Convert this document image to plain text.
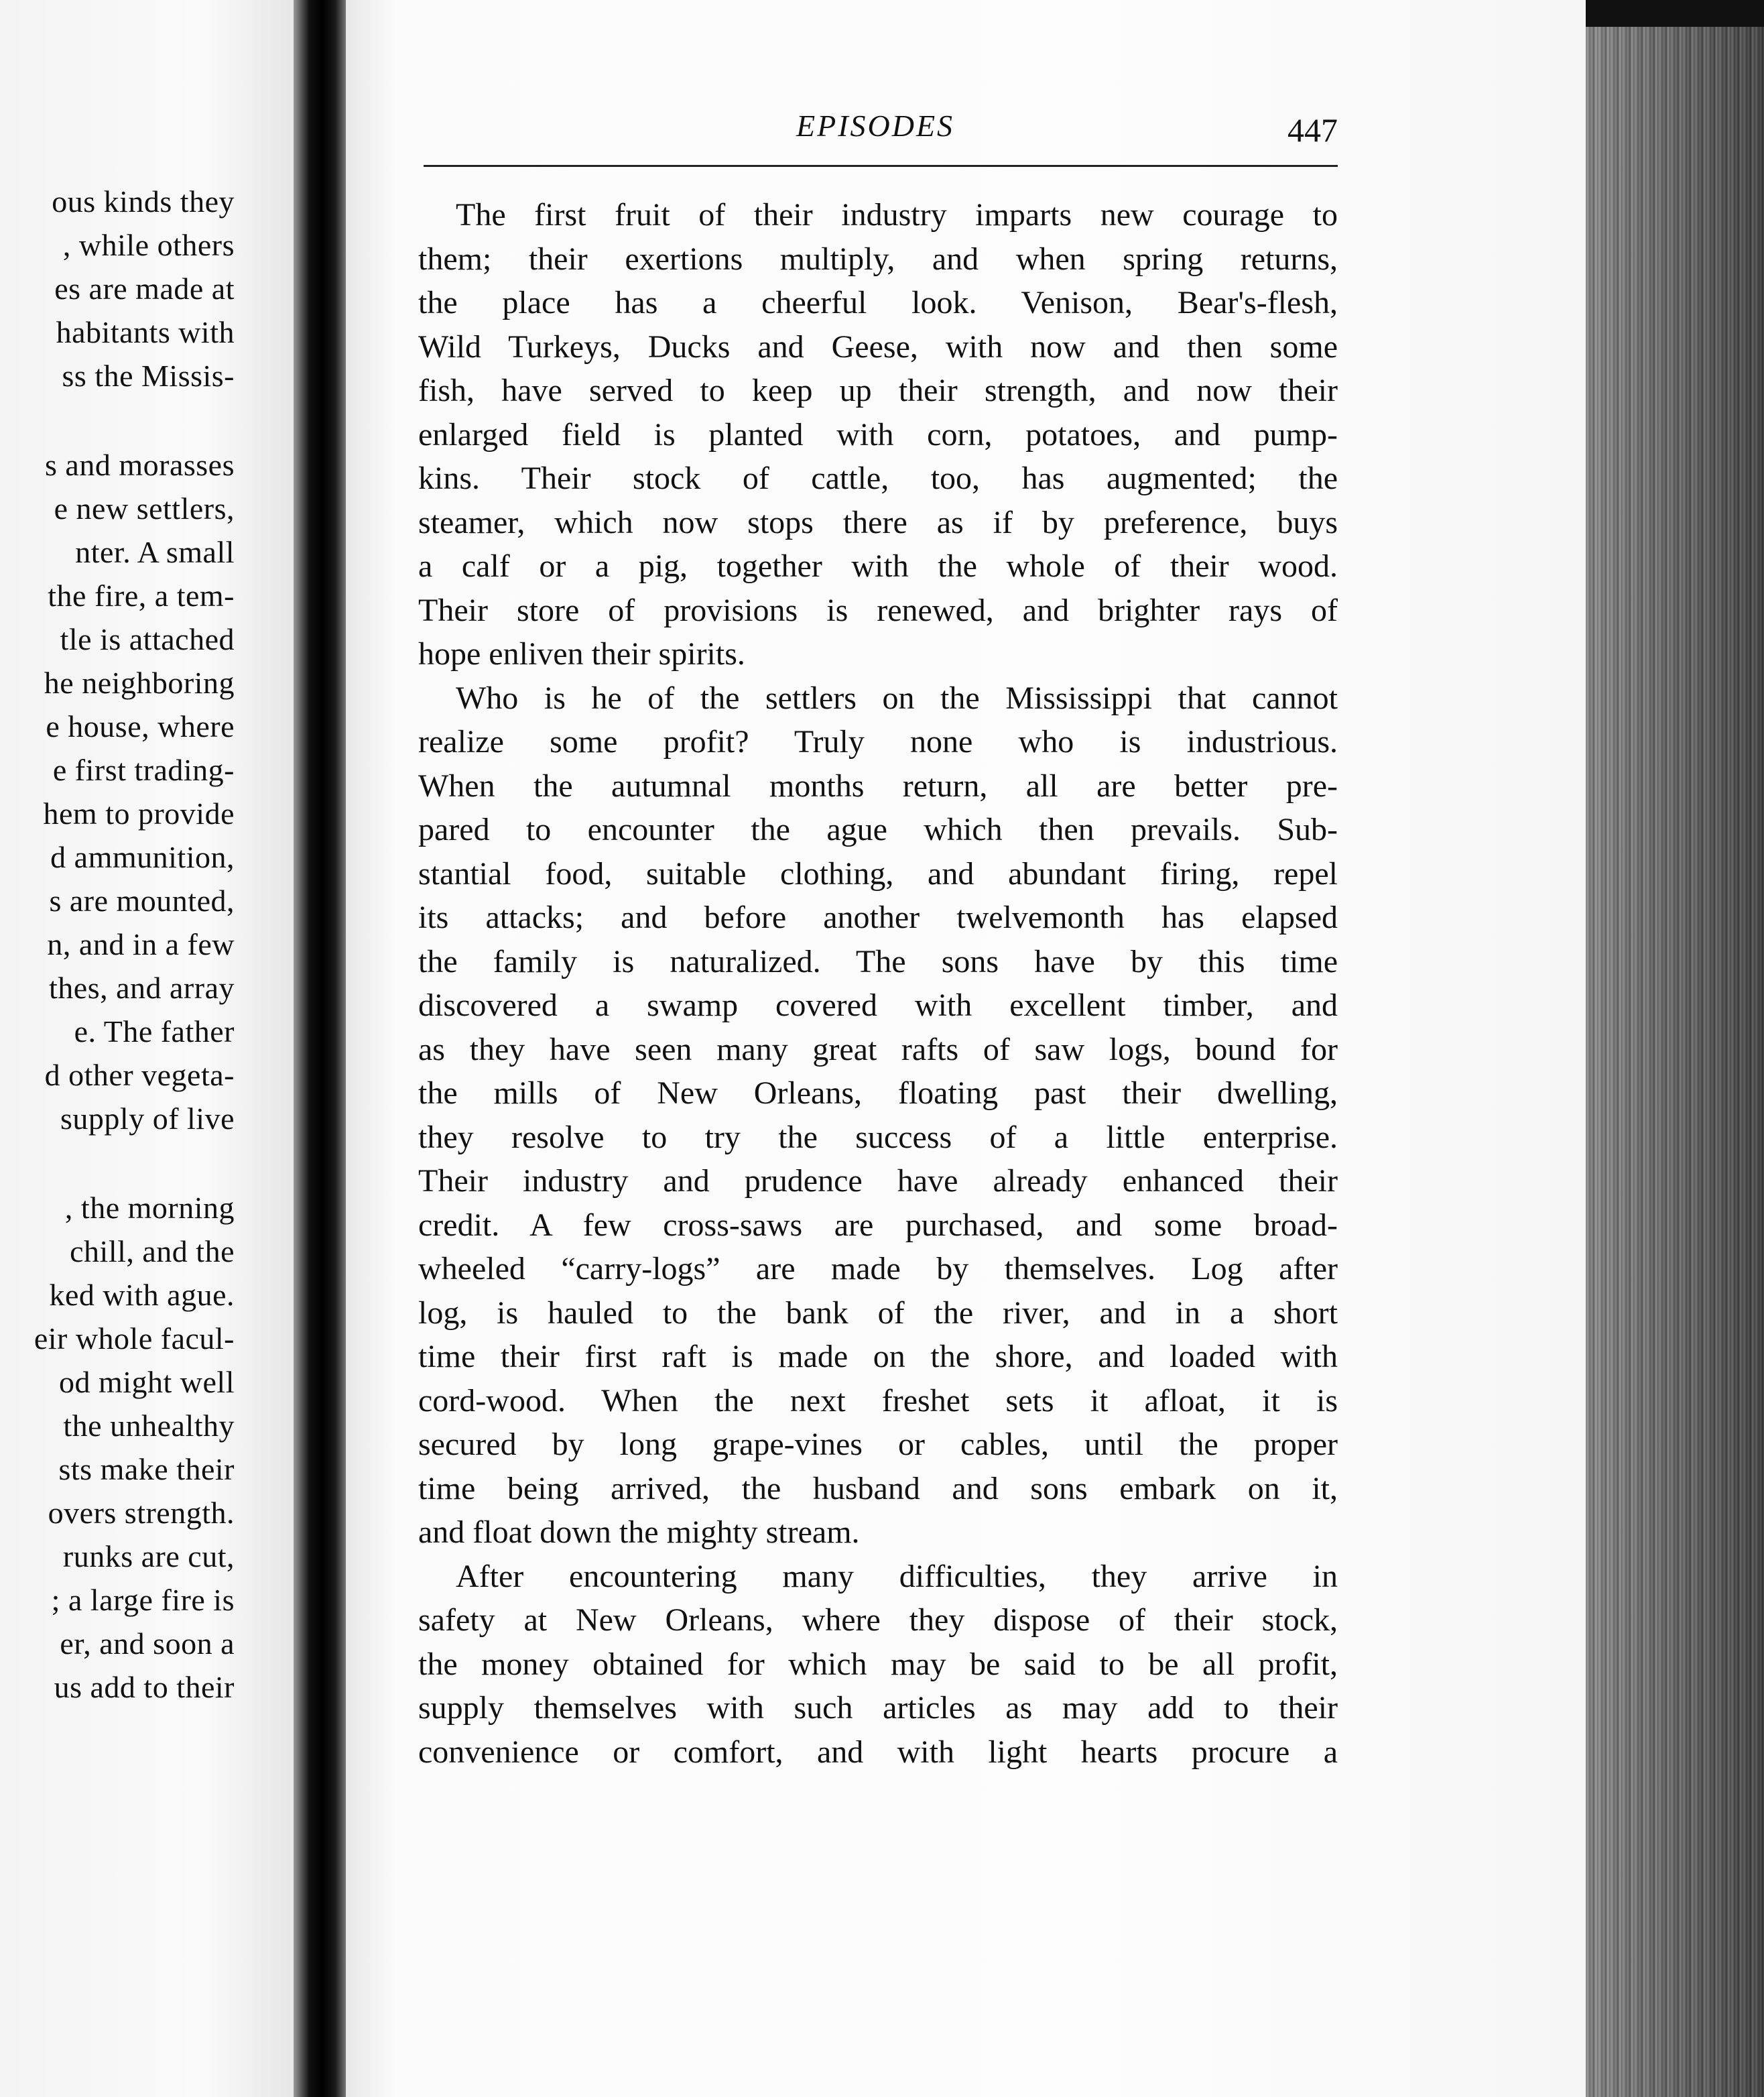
ous kinds they
, while others
es are made at
habitants with
ss the Missis-
s and morasses
e new settlers,
nter. A small
the fire, a tem-
tle is attached
he neighboring
e house, where
e first trading-
hem to provide
d ammunition,
s are mounted,
n, and in a few
thes, and array
e. The father
d other vegeta-
supply of live
, the morning
chill, and the
ked with ague.
eir whole facul-
od might well
the unhealthy
sts make their
overs strength.
runks are cut,
; a large fire is
er, and soon a
us add to their
EPISODES	447
The first fruit of their industry imparts new courage to
them; their exertions multiply, and when spring returns,
the place has a cheerful look. Venison, Bear's-flesh,
Wild Turkeys, Ducks and Geese, with now and then some
fish, have served to keep up their strength, and now their
enlarged field is planted with corn, potatoes, and pump-
kins. Their stock of cattle, too, has augmented; the
steamer, which now stops there as if by preference, buys
a calf or a pig, together with the whole of their wood.
Their store of provisions is renewed, and brighter rays of
hope enliven their spirits.
Who is he of the settlers on the Mississippi that cannot
realize some profit? Truly none who is industrious.
When the autumnal months return, all are better pre-
pared to encounter the ague which then prevails. Sub-
stantial food, suitable clothing, and abundant firing, repel
its attacks; and before another twelvemonth has elapsed
the family is naturalized. The sons have by this time
discovered a swamp covered with excellent timber, and
as they have seen many great rafts of saw logs, bound for
the mills of New Orleans, floating past their dwelling,
they resolve to try the success of a little enterprise.
Their industry and prudence have already enhanced their
credit. A few cross-saws are purchased, and some broad-
wheeled “carry-logs” are made by themselves. Log after
log, is hauled to the bank of the river, and in a short
time their first raft is made on the shore, and loaded with
cord-wood. When the next freshet sets it afloat, it is
secured by long grape-vines or cables, until the proper
time being arrived, the husband and sons embark on it,
and float down the mighty stream.
After encountering many difficulties, they arrive in
safety at New Orleans, where they dispose of their stock,
the money obtained for which may be said to be all profit,
supply themselves with such articles as may add to their
convenience or comfort, and with light hearts procure a
